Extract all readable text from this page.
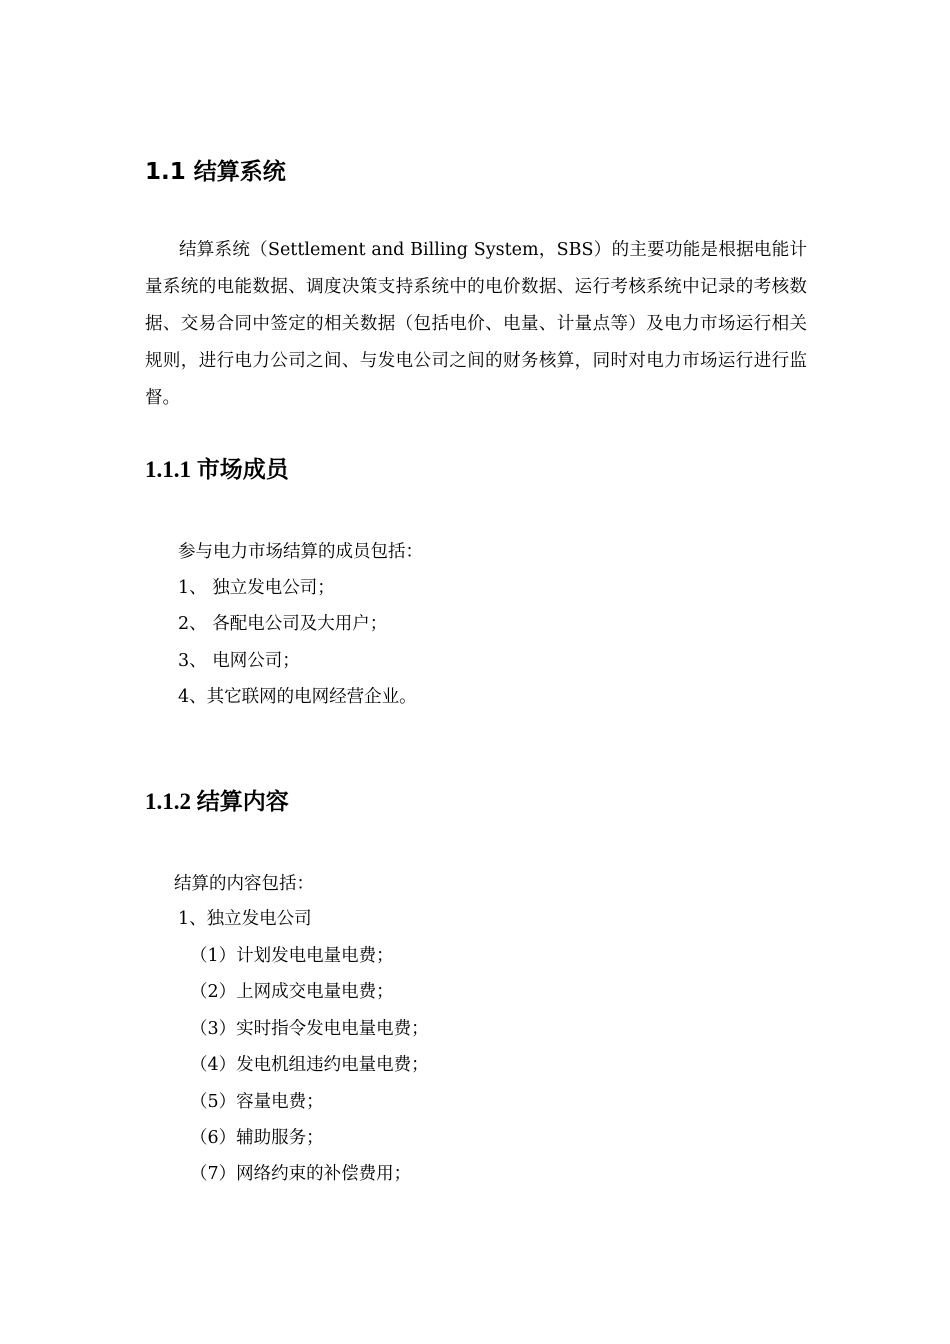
1.1 结算系统

结算系统（Settlement and Billing System，SBS）的主要功能是根据电能计量系统的电能数据、调度决策支持系统中的电价数据、运行考核系统中记录的考核数据、交易合同中签定的相关数据（包括电价、电量、计量点等）及电力市场运行相关规则，进行电力公司之间、与发电公司之间的财务核算，同时对电力市场运行进行监督。

1.1.1 市场成员

参与电力市场结算的成员包括：

1、 独立发电公司；

2、 各配电公司及大用户；

3、 电网公司；

4、其它联网的电网经营企业。

1.1.2 结算内容

结算的内容包括：

1、独立发电公司

（1）计划发电电量电费；

（2）上网成交电量电费；

（3）实时指令发电电量电费；

（4）发电机组违约电量电费；

（5）容量电费；

（6）辅助服务；

（7）网络约束的补偿费用；
